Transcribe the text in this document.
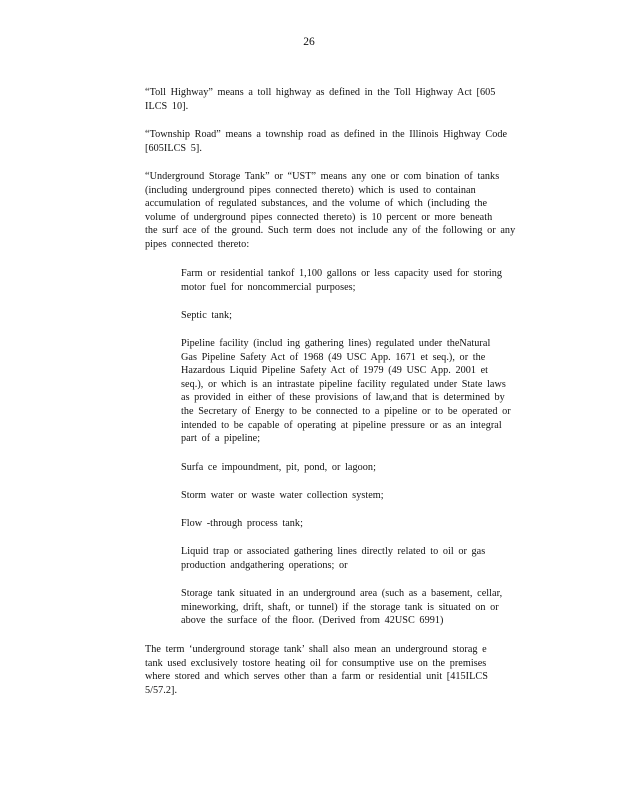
26
“Toll Highway” means a toll highway as defined in the Toll Highway Act [605
ILCS 10].
“Township Road” means a township road as defined in the Illinois Highway Code
[605ILCS 5].
“Underground Storage Tank” or “UST” means any one or com bination of tanks
(including underground pipes connected thereto) which is used to containan
accumulation of regulated substances, and the volume of which (including the
volume of underground pipes connected thereto) is 10 percent or more beneath
the surf ace of the ground. Such term does not include any of the following or any
pipes connected thereto:
Farm or residential tankof 1,100 gallons or less capacity used for storing
motor fuel for noncommercial purposes;
Septic tank;
Pipeline facility (includ ing gathering lines) regulated under theNatural
Gas Pipeline Safety Act of 1968 (49 USC App. 1671 et seq.), or the
Hazardous Liquid Pipeline Safety Act of 1979 (49 USC App. 2001 et
seq.), or which is an intrastate pipeline facility regulated under State laws
as provided in either of these provisions of law,and that is determined by
the Secretary of Energy to be connected to a pipeline or to be operated or
intended to be capable of operating at pipeline pressure or as an integral
part of a pipeline;
Surfa ce impoundment, pit, pond, or lagoon;
Storm water or waste water collection system;
Flow -through process tank;
Liquid trap or associated gathering lines directly related to oil or gas
production andgathering operations; or
Storage tank situated in an underground area (such as a basement, cellar,
mineworking, drift, shaft, or tunnel) if the storage tank is situated on or
above the surface of the floor. (Derived from 42USC 6991)
The term ‘underground storage tank’ shall also mean an underground storag e
tank used exclusively tostore heating oil for consumptive use on the premises
where stored and which serves other than a farm or residential unit [415ILCS
5/57.2].
